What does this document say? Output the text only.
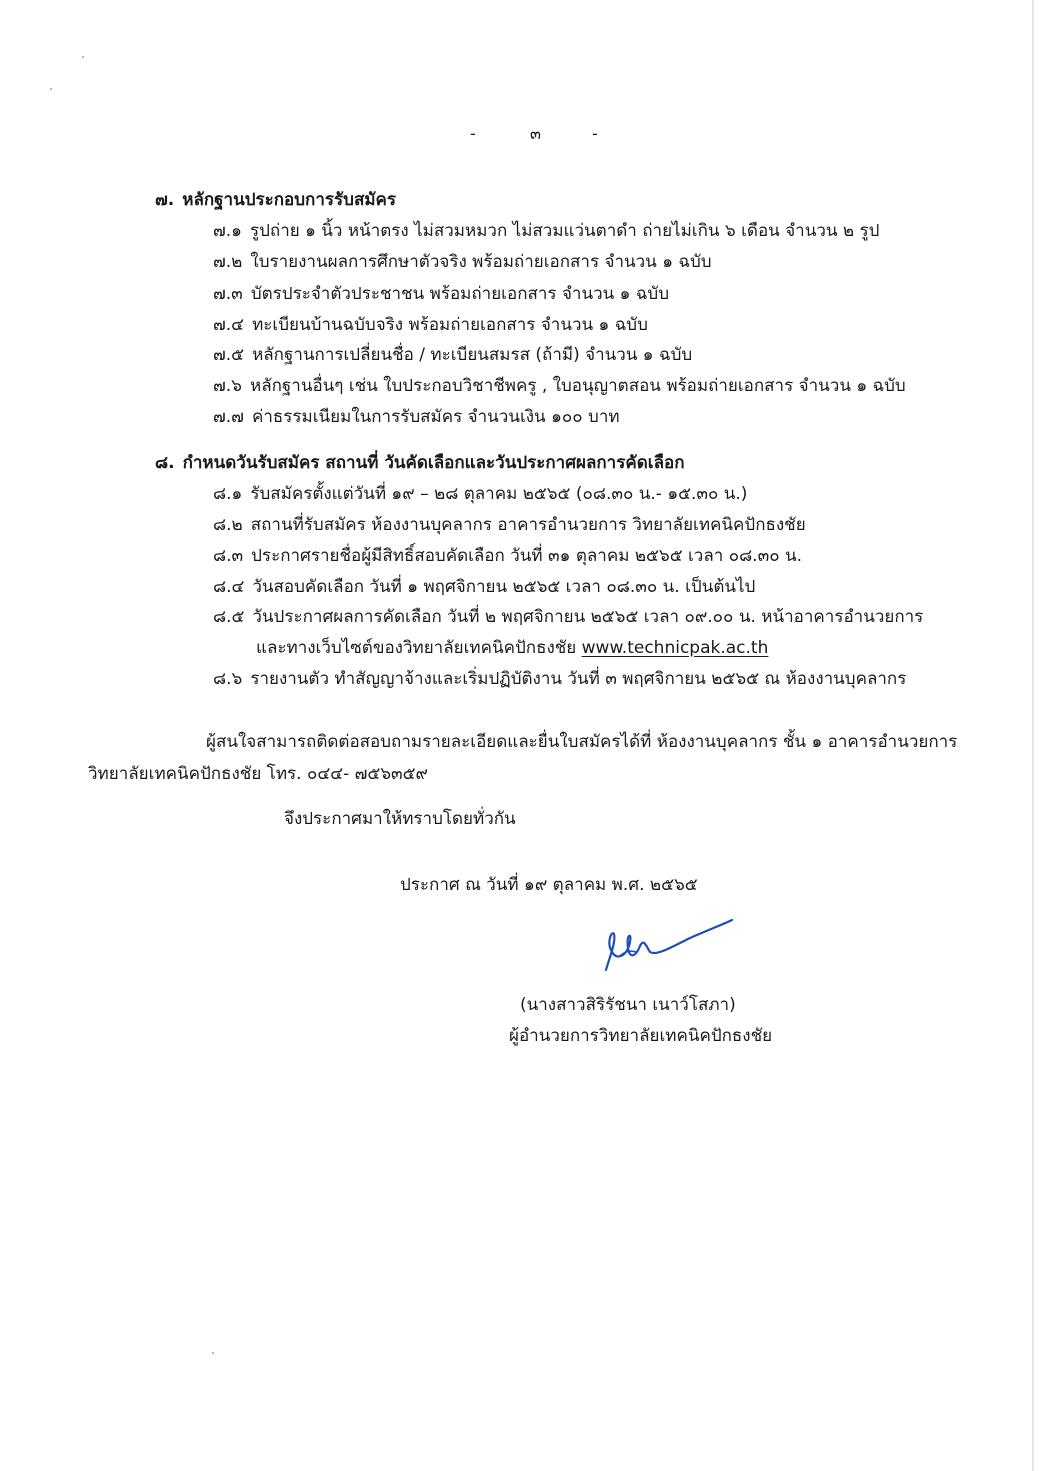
-	๓	-
๗. หลักฐานประกอบการรับสมัคร
๗.๑ รูปถ่าย ๑ นิ้ว หน้าตรง ไม่สวมหมวก ไม่สวมแว่นตาดำ ถ่ายไม่เกิน ๖ เดือน จำนวน ๒ รูป
๗.๒ ใบรายงานผลการศึกษาตัวจริง พร้อมถ่ายเอกสาร จำนวน ๑ ฉบับ
๗.๓ บัตรประจำตัวประชาชน พร้อมถ่ายเอกสาร จำนวน ๑ ฉบับ
๗.๔ ทะเบียนบ้านฉบับจริง พร้อมถ่ายเอกสาร จำนวน ๑ ฉบับ
๗.๕ หลักฐานการเปลี่ยนชื่อ / ทะเบียนสมรส (ถ้ามี) จำนวน ๑ ฉบับ
๗.๖ หลักฐานอื่นๆ เช่น ใบประกอบวิชาชีพครู , ใบอนุญาตสอน พร้อมถ่ายเอกสาร จำนวน ๑ ฉบับ
๗.๗ ค่าธรรมเนียมในการรับสมัคร จำนวนเงิน ๑๐๐ บาท
๘. กำหนดวันรับสมัคร สถานที่ วันคัดเลือกและวันประกาศผลการคัดเลือก
๘.๑ รับสมัครตั้งแต่วันที่ ๑๙ – ๒๘ ตุลาคม ๒๕๖๕ (๐๘.๓๐ น.- ๑๕.๓๐ น.)
๘.๒ สถานที่รับสมัคร ห้องงานบุคลากร อาคารอำนวยการ วิทยาลัยเทคนิคปักธงชัย
๘.๓ ประกาศรายชื่อผู้มีสิทธิ์สอบคัดเลือก วันที่ ๓๑ ตุลาคม ๒๕๖๕ เวลา ๐๘.๓๐ น.
๘.๔ วันสอบคัดเลือก วันที่ ๑ พฤศจิกายน ๒๕๖๕ เวลา ๐๘.๓๐ น. เป็นต้นไป
๘.๕ วันประกาศผลการคัดเลือก วันที่ ๒ พฤศจิกายน ๒๕๖๕ เวลา ๐๙.๐๐ น. หน้าอาคารอำนวยการ
และทางเว็บไซต์ของวิทยาลัยเทคนิคปักธงชัย www.technicpak.ac.th
๘.๖ รายงานตัว ทำสัญญาจ้างและเริ่มปฏิบัติงาน วันที่ ๓ พฤศจิกายน ๒๕๖๕ ณ ห้องงานบุคลากร
ผู้สนใจสามารถติดต่อสอบถามรายละเอียดและยื่นใบสมัครได้ที่ ห้องงานบุคลากร ชั้น ๑ อาคารอำนวยการ
วิทยาลัยเทคนิคปักธงชัย โทร. ๐๔๔- ๗๕๖๓๕๙
จึงประกาศมาให้ทราบโดยทั่วกัน
ประกาศ ณ วันที่ ๑๙ ตุลาคม พ.ศ. ๒๕๖๕
(นางสาวสิริรัชนา เนาว์โสภา)
ผู้อำนวยการวิทยาลัยเทคนิคปักธงชัย
